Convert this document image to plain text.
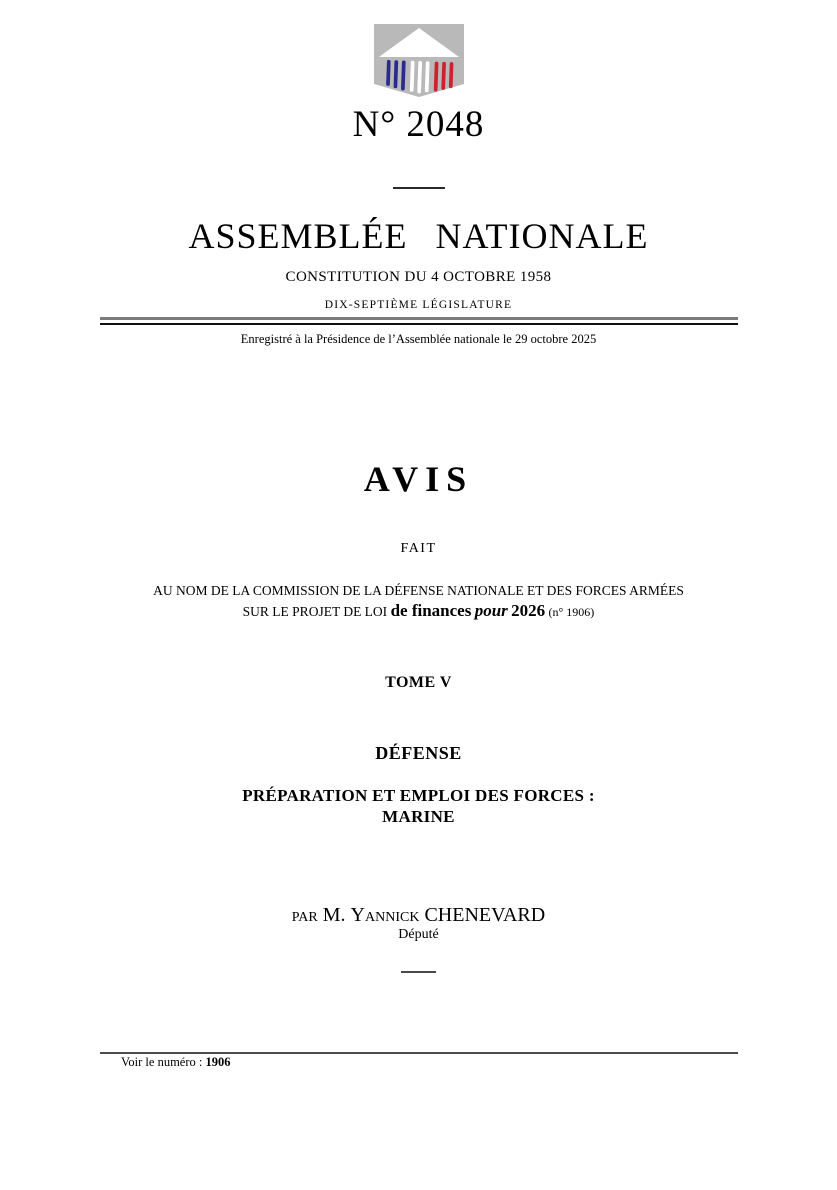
N° 2048
ASSEMBLÉE NATIONALE
CONSTITUTION DU 4 OCTOBRE 1958
DIX-SEPTIÈME LÉGISLATURE
Enregistré à la Présidence de l’Assemblée nationale le 29 octobre 2025
AVIS
FAIT
AU NOM DE LA COMMISSION DE LA DÉFENSE NATIONALE ET DES FORCES ARMÉES
SUR LE PROJET DE LOI de finances pour 2026 (n° 1906)
TOME V
DÉFENSE
PRÉPARATION ET EMPLOI DES FORCES :
MARINE
par M. Yannick CHENEVARD
Député
Voir le numéro : 1906
